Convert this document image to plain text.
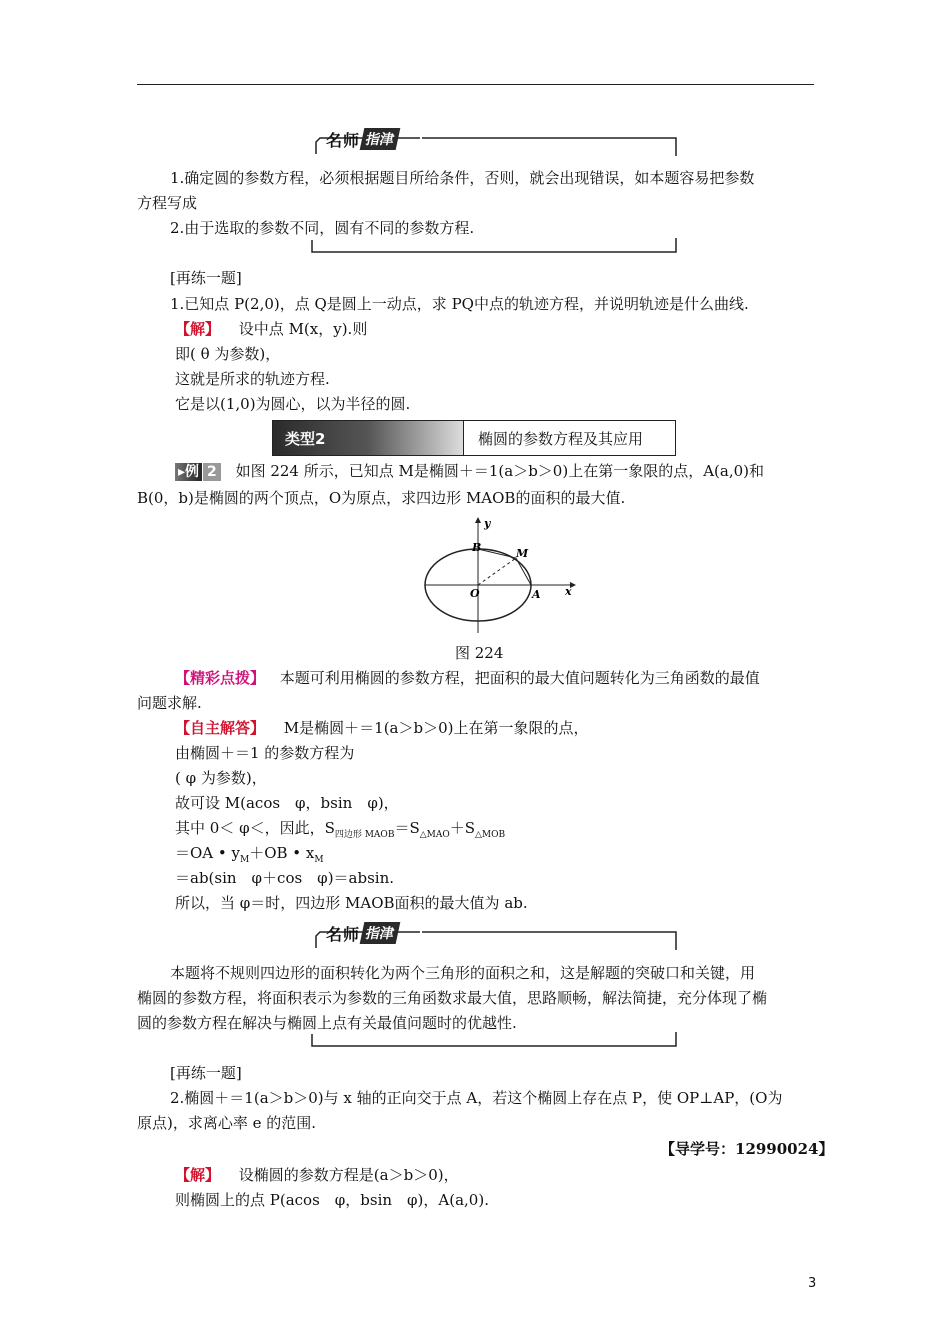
名师 指津
1.确定圆的参数方程，必须根据题目所给条件，否则，就会出现错误，如本题容易把参数
方程写成
2.由于选取的参数不同，圆有不同的参数方程.
[再练一题]
1.已知点 P(2,0)，点 Q是圆上一动点，求 PQ中点的轨迹方程，并说明轨迹是什么曲线.
【解】 设中点 M(x，y).则
即( θ 为参数)，
这就是所求的轨迹方程.
它是以(1,0)为圆心，以为半径的圆.
类型2	椭圆的参数方程及其应用
▸例 2 如图 224 所示，已知点 M是椭圆＋＝1(a＞b＞0)上在第一象限的点，A(a,0)和
B(0，b)是椭圆的两个顶点，O为原点，求四边形 MAOB的面积的最大值.
y
x
B	M
O	A
图 224
【精彩点拨】 本题可利用椭圆的参数方程，把面积的最大值问题转化为三角函数的最值
问题求解.
【自主解答】 M是椭圆＋＝1(a＞b＞0)上在第一象限的点，
由椭圆＋＝1 的参数方程为
( φ 为参数)，
故可设 M(acos　φ，bsin　φ)，
其中 0＜ φ＜，因此，$S_{四边形 MAOB}=S_{\triangle MAO}+S_{\triangle MOB}$
＝OA • $y_M+OB$ • $x_M$
＝ab(sin　φ＋cos　φ)＝absin.
所以，当 φ＝时，四边形 MAOB面积的最大值为 ab.
名师 指津
本题将不规则四边形的面积转化为两个三角形的面积之和，这是解题的突破口和关键，用
椭圆的参数方程，将面积表示为参数的三角函数求最大值，思路顺畅，解法简捷，充分体现了椭
圆的参数方程在解决与椭圆上点有关最值问题时的优越性.
[再练一题]
2.椭圆＋＝1(a＞b＞0)与 x 轴的正向交于点 A，若这个椭圆上存在点 P，使 OP⊥AP，(O为
原点)，求离心率 e 的范围.
【导学号：12990024】
【解】 设椭圆的参数方程是(a＞b＞0)，
则椭圆上的点 P(acos　φ，bsin　φ)，A(a,0).
3
